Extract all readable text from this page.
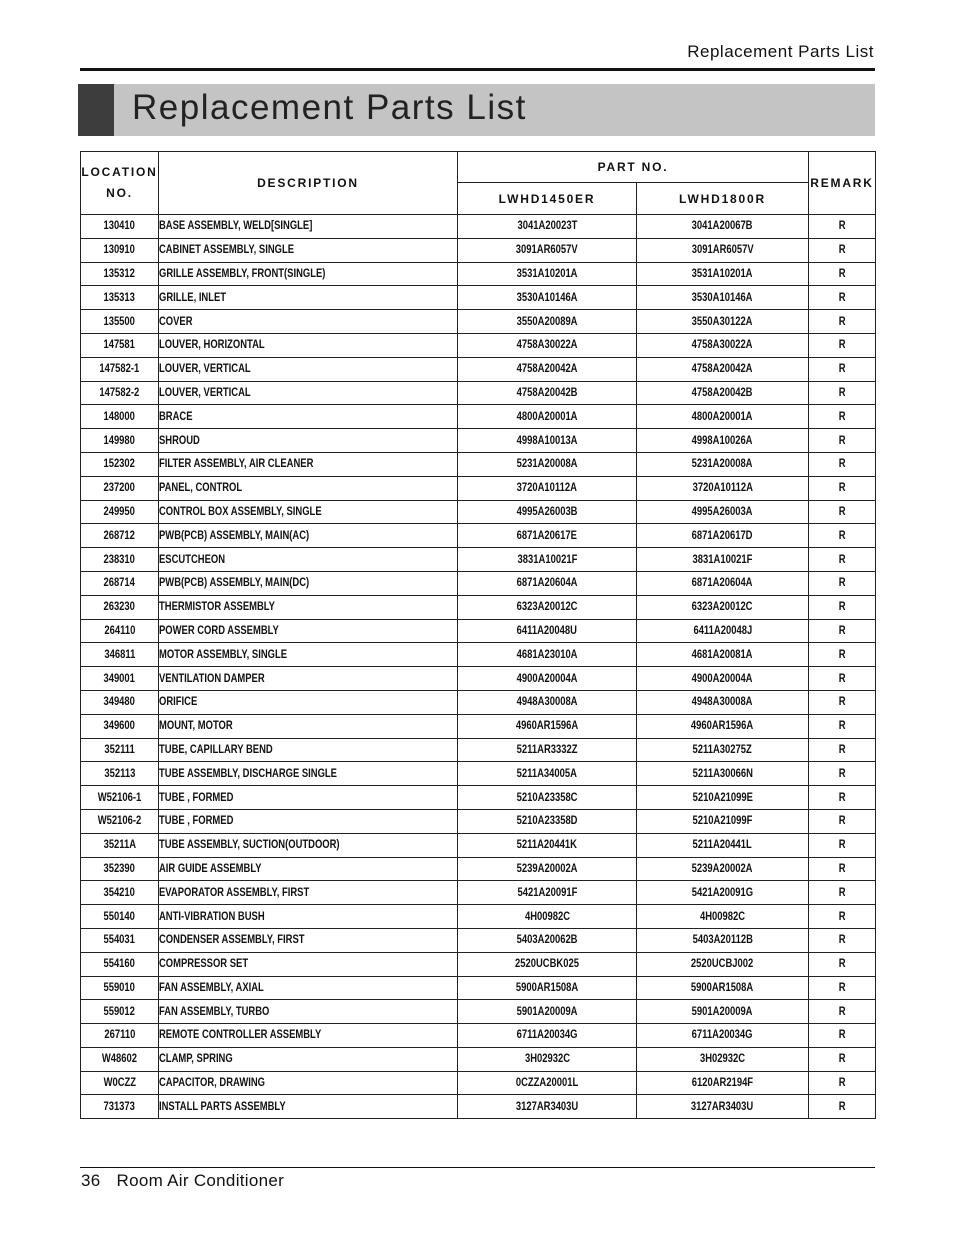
Replacement Parts List
Replacement Parts List
LOCATION NO.	DESCRIPTION	PART NO.		REMARK
		LWHD1450ER	LWHD1800R	
130410	BASE ASSEMBLY, WELD[SINGLE]	3041A20023T	3041A20067B	R
130910	CABINET ASSEMBLY, SINGLE	3091AR6057V	3091AR6057V	R
135312	GRILLE ASSEMBLY, FRONT(SINGLE)	3531A10201A	3531A10201A	R
135313	GRILLE, INLET	3530A10146A	3530A10146A	R
135500	COVER	3550A20089A	3550A30122A	R
147581	LOUVER, HORIZONTAL	4758A30022A	4758A30022A	R
147582-1	LOUVER, VERTICAL	4758A20042A	4758A20042A	R
147582-2	LOUVER, VERTICAL	4758A20042B	4758A20042B	R
148000	BRACE	4800A20001A	4800A20001A	R
149980	SHROUD	4998A10013A	4998A10026A	R
152302	FILTER ASSEMBLY, AIR CLEANER	5231A20008A	5231A20008A	R
237200	PANEL, CONTROL	3720A10112A	3720A10112A	R
249950	CONTROL BOX ASSEMBLY, SINGLE	4995A26003B	4995A26003A	R
268712	PWB(PCB) ASSEMBLY, MAIN(AC)	6871A20617E	6871A20617D	R
238310	ESCUTCHEON	3831A10021F	3831A10021F	R
268714	PWB(PCB) ASSEMBLY, MAIN(DC)	6871A20604A	6871A20604A	R
263230	THERMISTOR ASSEMBLY	6323A20012C	6323A20012C	R
264110	POWER CORD ASSEMBLY	6411A20048U	6411A20048J	R
346811	MOTOR ASSEMBLY, SINGLE	4681A23010A	4681A20081A	R
349001	VENTILATION DAMPER	4900A20004A	4900A20004A	R
349480	ORIFICE	4948A30008A	4948A30008A	R
349600	MOUNT, MOTOR	4960AR1596A	4960AR1596A	R
352111	TUBE, CAPILLARY BEND	5211AR3332Z	5211A30275Z	R
352113	TUBE ASSEMBLY, DISCHARGE SINGLE	5211A34005A	5211A30066N	R
W52106-1	TUBE , FORMED	5210A23358C	5210A21099E	R
W52106-2	TUBE , FORMED	5210A23358D	5210A21099F	R
35211A	TUBE ASSEMBLY, SUCTION(OUTDOOR)	5211A20441K	5211A20441L	R
352390	AIR GUIDE ASSEMBLY	5239A20002A	5239A20002A	R
354210	EVAPORATOR ASSEMBLY, FIRST	5421A20091F	5421A20091G	R
550140	ANTI-VIBRATION BUSH	4H00982C	4H00982C	R
554031	CONDENSER ASSEMBLY, FIRST	5403A20062B	5403A20112B	R
554160	COMPRESSOR SET	2520UCBK025	2520UCBJ002	R
559010	FAN ASSEMBLY, AXIAL	5900AR1508A	5900AR1508A	R
559012	FAN ASSEMBLY, TURBO	5901A20009A	5901A20009A	R
267110	REMOTE CONTROLLER ASSEMBLY	6711A20034G	6711A20034G	R
W48602	CLAMP, SPRING	3H02932C	3H02932C	R
W0CZZ	CAPACITOR, DRAWING	0CZZA20001L	6120AR2194F	R
731373	INSTALL PARTS ASSEMBLY	3127AR3403U	3127AR3403U	R
36 Room Air Conditioner
